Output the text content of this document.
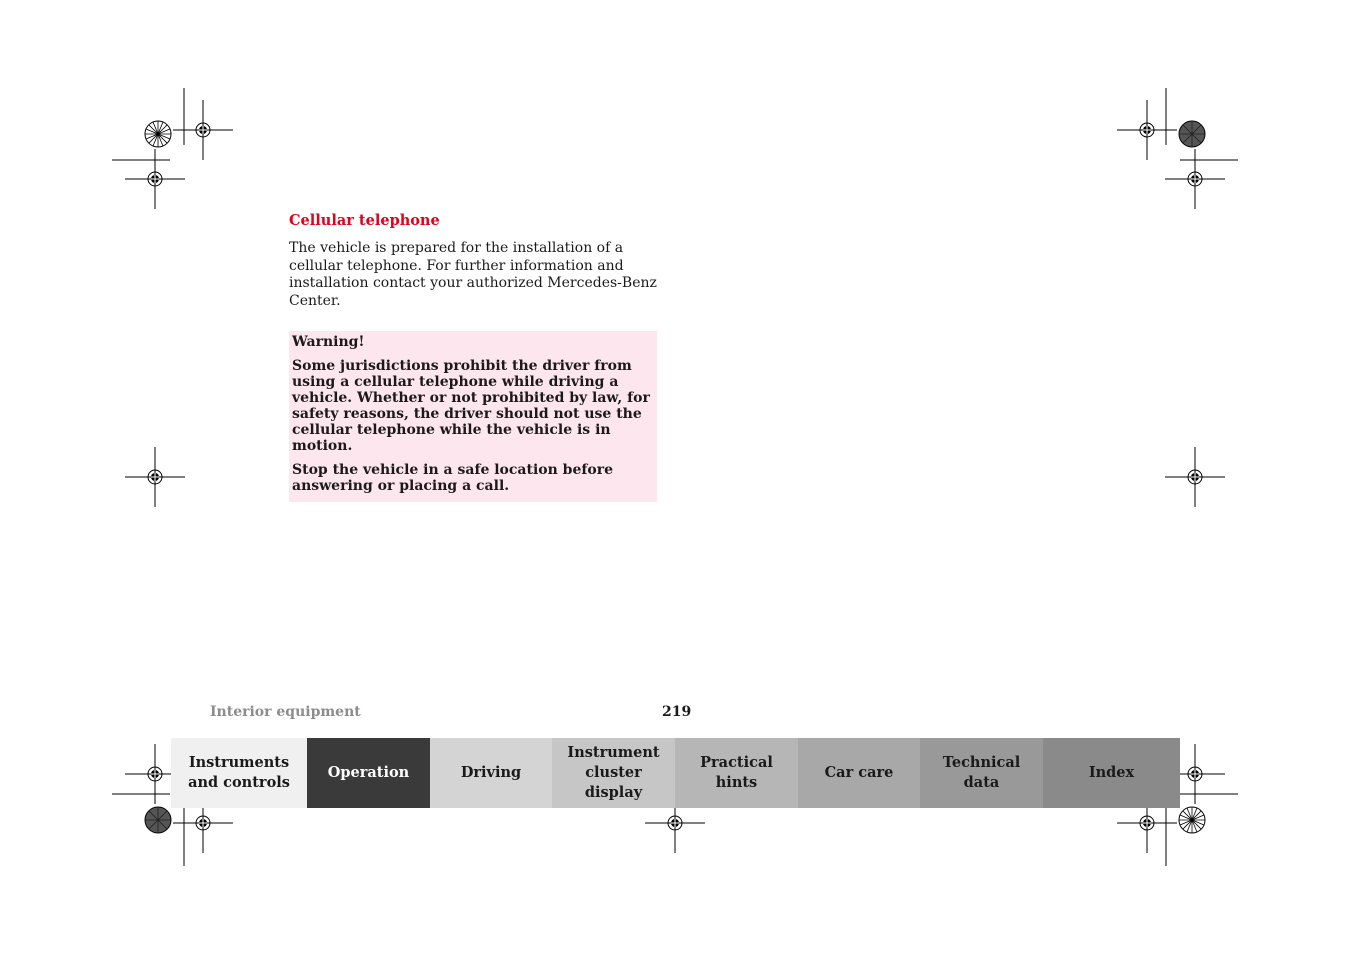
Cellular telephone

The vehicle is prepared for the installation of a cellular telephone. For further information and installation contact your authorized Mercedes-Benz Center.

Warning!

Some jurisdictions prohibit the driver from using a cellular telephone while driving a vehicle. Whether or not prohibited by law, for safety reasons, the driver should not use the cellular telephone while the vehicle is in motion.

Stop the vehicle in a safe location before answering or placing a call.

Interior equipment	219
Instruments
and controls
Operation	Driving
Instrument
cluster display
Practical hints
Car care
Technical
data
Index
